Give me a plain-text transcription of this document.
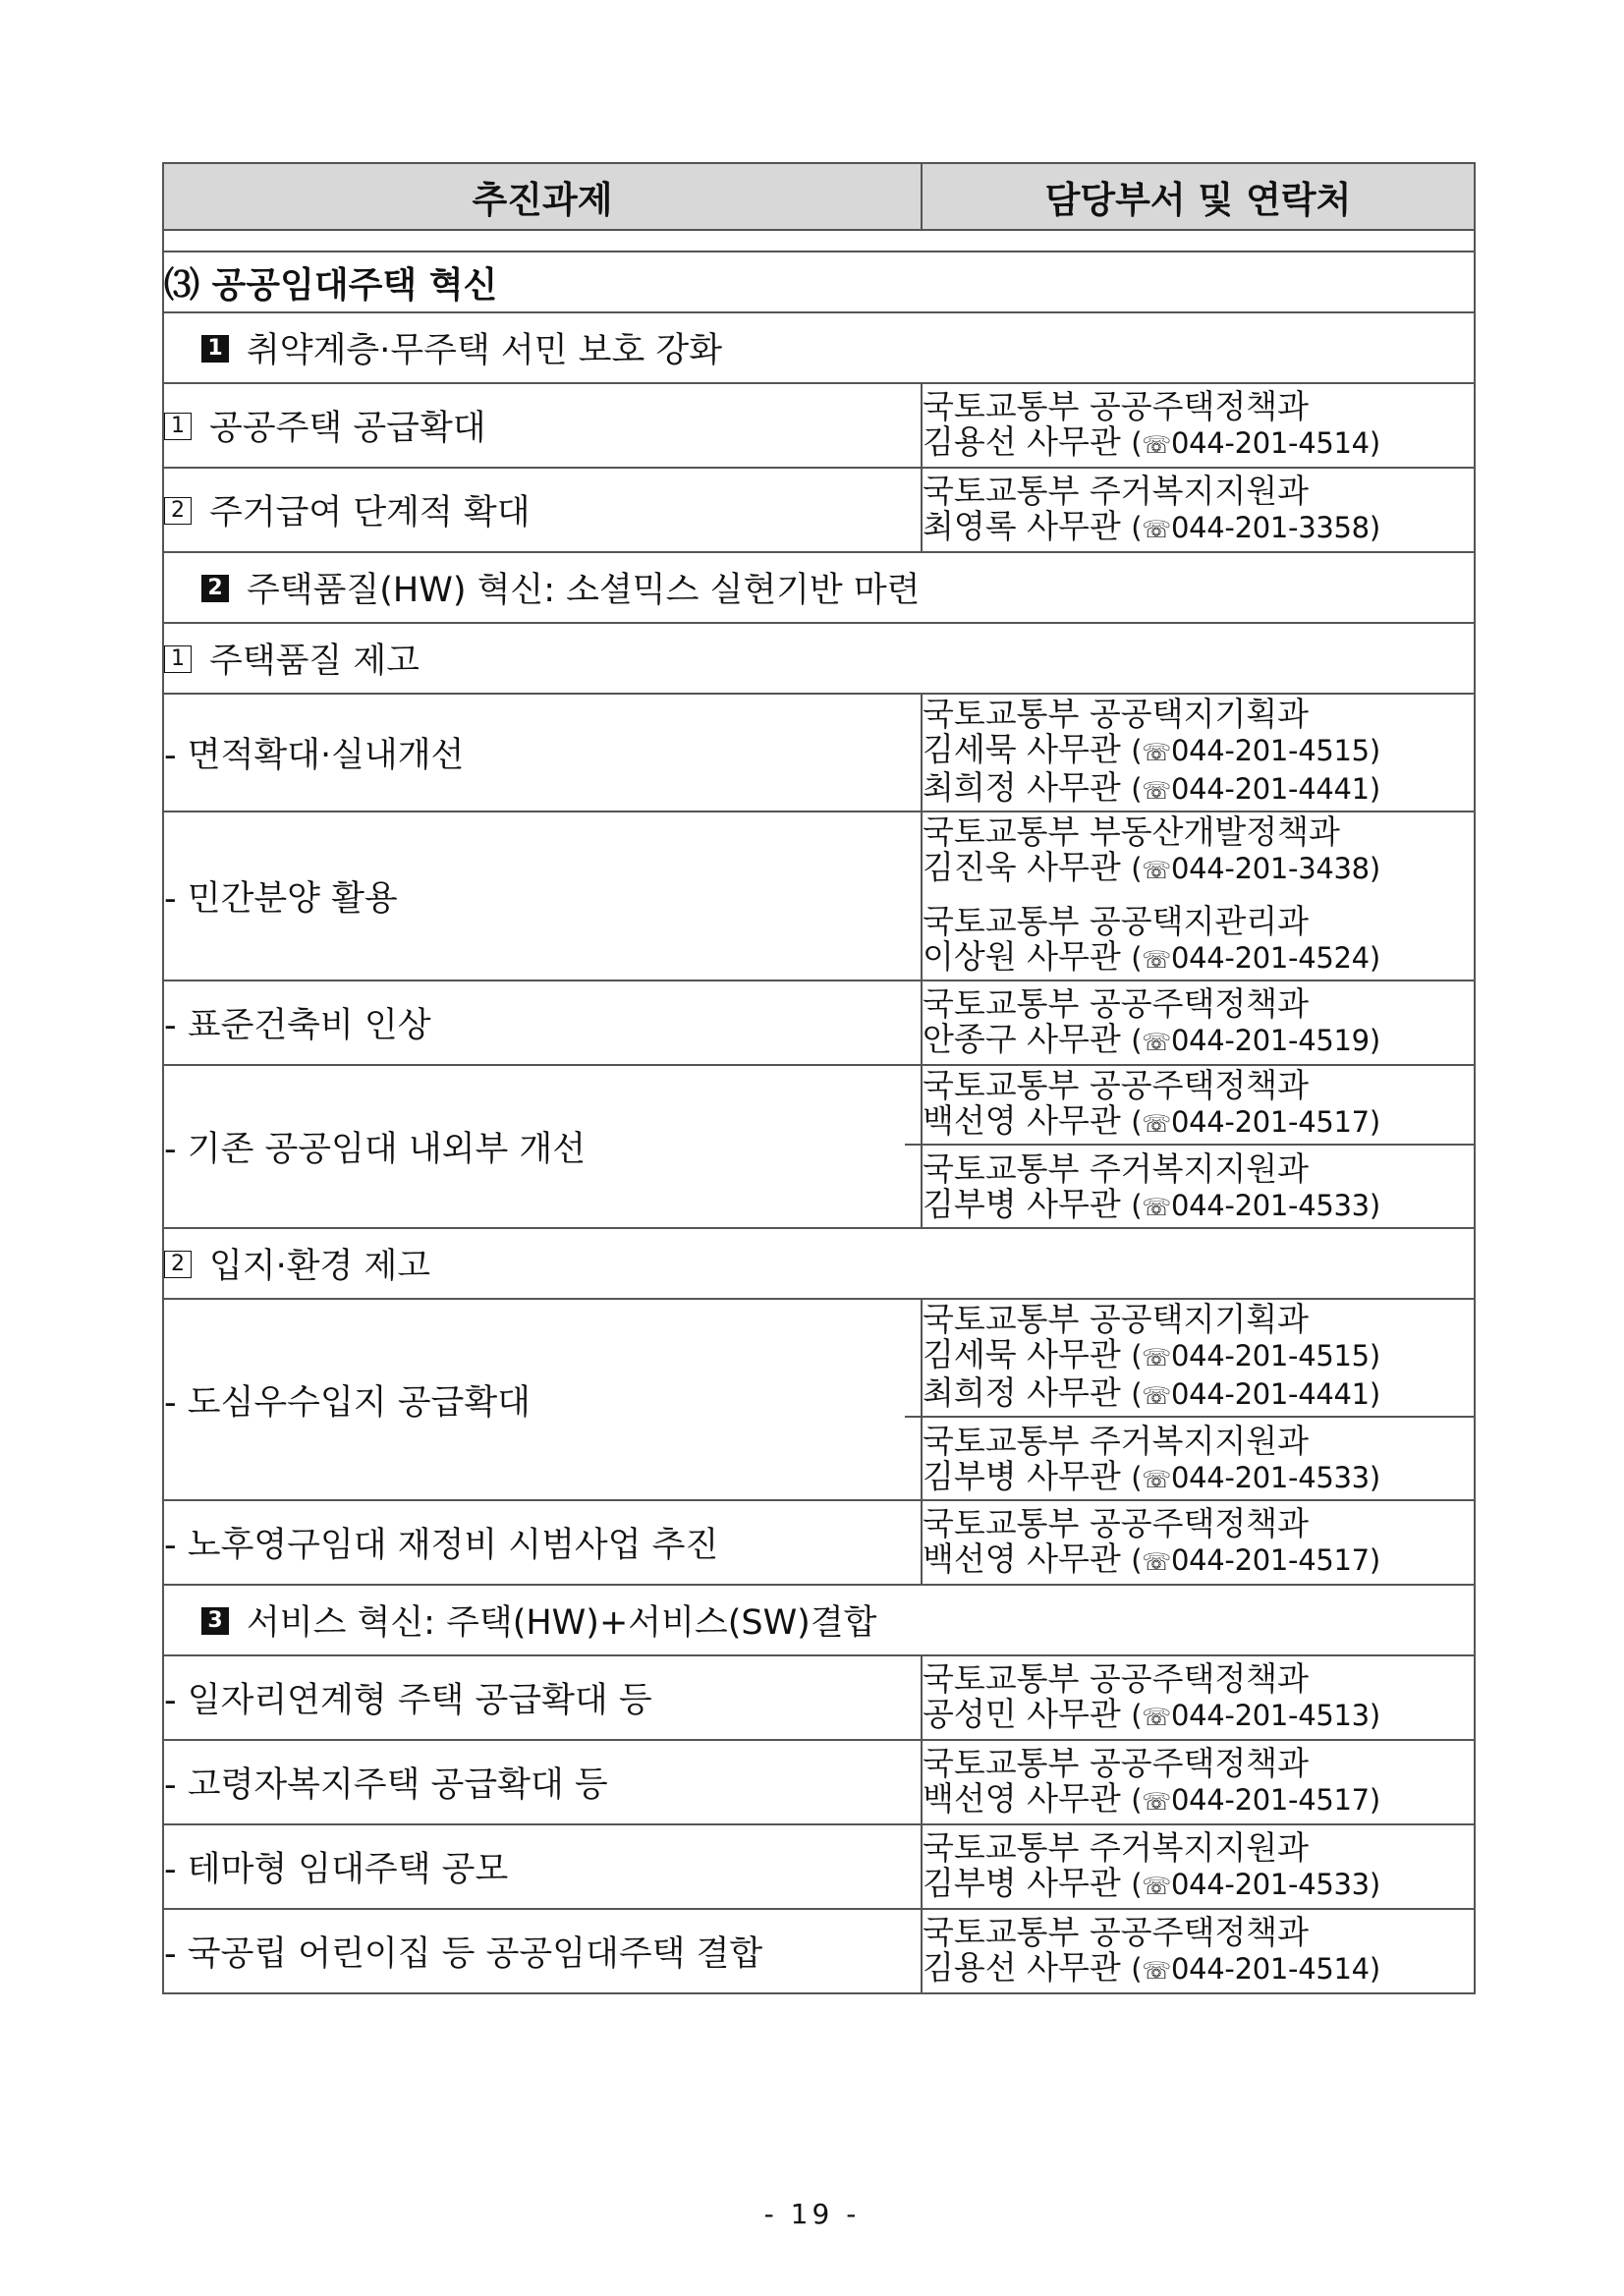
추진과제	담당부서 및 연락처

⑶ 공공임대주택 혁신	
1 취약계층·무주택 서민 보호 강화	
1 공공주택 공급확대	국토교통부 공공주택정책과
김용선 사무관 (☏044-201-4514)

2 주거급여 단계적 확대	국토교통부 주거복지지원과
최영록 사무관 (☏044-201-3358)

2 주택품질(HW) 혁신: 소셜믹스 실현기반 마련	
1 주택품질 제고	
- 면적확대·실내개선	국토교통부 공공택지기획과
김세묵 사무관 (☏044-201-4515)
최희정 사무관 (☏044-201-4441)

- 민간분양 활용	국토교통부 부동산개발정책과
김진욱 사무관 (☏044-201-3438)
국토교통부 공공택지관리과
이상원 사무관 (☏044-201-4524)

- 표준건축비 인상	국토교통부 공공주택정책과
안종구 사무관 (☏044-201-4519)

- 기존 공공임대 내외부 개선	국토교통부 공공주택정책과
백선영 사무관 (☏044-201-4517)
국토교통부 주거복지지원과
김부병 사무관 (☏044-201-4533)

2 입지·환경 제고	
- 도심우수입지 공급확대	국토교통부 공공택지기획과
김세묵 사무관 (☏044-201-4515)
최희정 사무관 (☏044-201-4441)
국토교통부 주거복지지원과
김부병 사무관 (☏044-201-4533)

- 노후영구임대 재정비 시범사업 추진	국토교통부 공공주택정책과
백선영 사무관 (☏044-201-4517)

3 서비스 혁신: 주택(HW)+서비스(SW)결합	
- 일자리연계형 주택 공급확대 등	국토교통부 공공주택정책과
공성민 사무관 (☏044-201-4513)

- 고령자복지주택 공급확대 등	국토교통부 공공주택정책과
백선영 사무관 (☏044-201-4517)

- 테마형 임대주택 공모	국토교통부 주거복지지원과
김부병 사무관 (☏044-201-4533)

- 국공립 어린이집 등 공공임대주택 결합	국토교통부 공공주택정책과
김용선 사무관 (☏044-201-4514)
- 19 -
